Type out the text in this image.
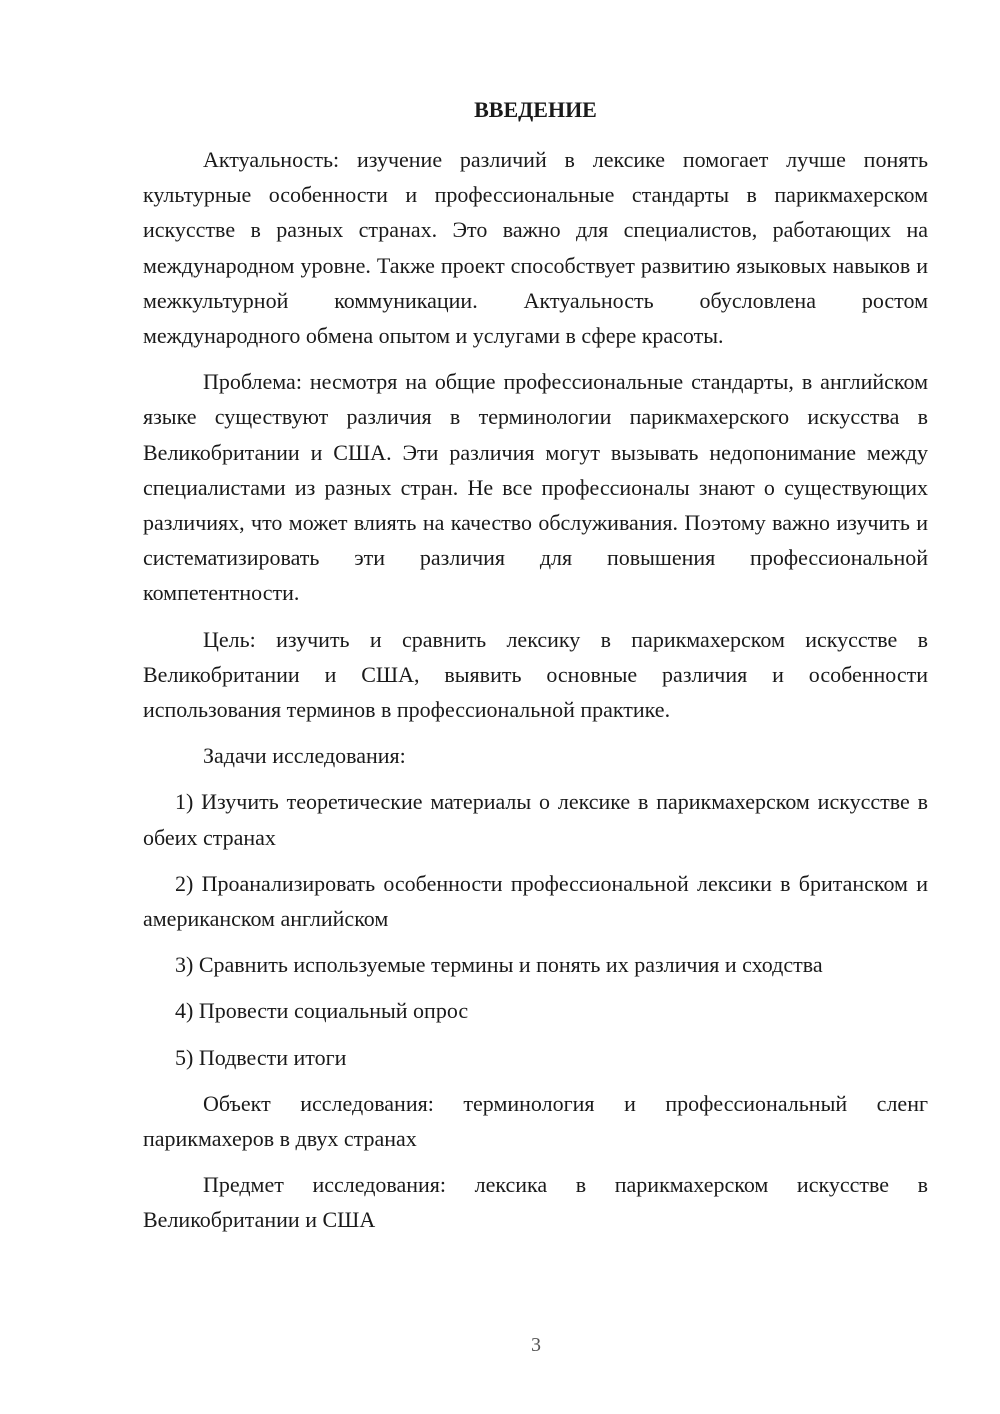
ВВЕДЕНИЕ

Актуальность: изучение различий в лексике помогает лучше понять культурные особенности и профессиональные стандарты в парикмахерском искусстве в разных странах. Это важно для специалистов, работающих на международном уровне. Также проект способствует развитию языковых навыков и межкультурной коммуникации. Актуальность обусловлена ростом международного обмена опытом и услугами в сфере красоты.

Проблема: несмотря на общие профессиональные стандарты, в английском языке существуют различия в терминологии парикмахерского искусства в Великобритании и США. Эти различия могут вызывать недопонимание между специалистами из разных стран. Не все профессионалы знают о существующих различиях, что может влиять на качество обслуживания. Поэтому важно изучить и систематизировать эти различия для повышения профессиональной компетентности.

Цель: изучить и сравнить лексику в парикмахерском искусстве в Великобритании и США, выявить основные различия и особенности использования терминов в профессиональной практике.

Задачи исследования:

1) Изучить теоретические материалы о лексике в парикмахерском искусстве в обеих странах

2) Проанализировать особенности профессиональной лексики в британском и американском английском

3) Сравнить используемые термины и понять их различия и сходства

4) Провести социальный опрос

5) Подвести итоги

Объект исследования: терминология и профессиональный сленг парикмахеров в двух странах

Предмет исследования: лексика в парикмахерском искусстве в Великобритании и США

3
